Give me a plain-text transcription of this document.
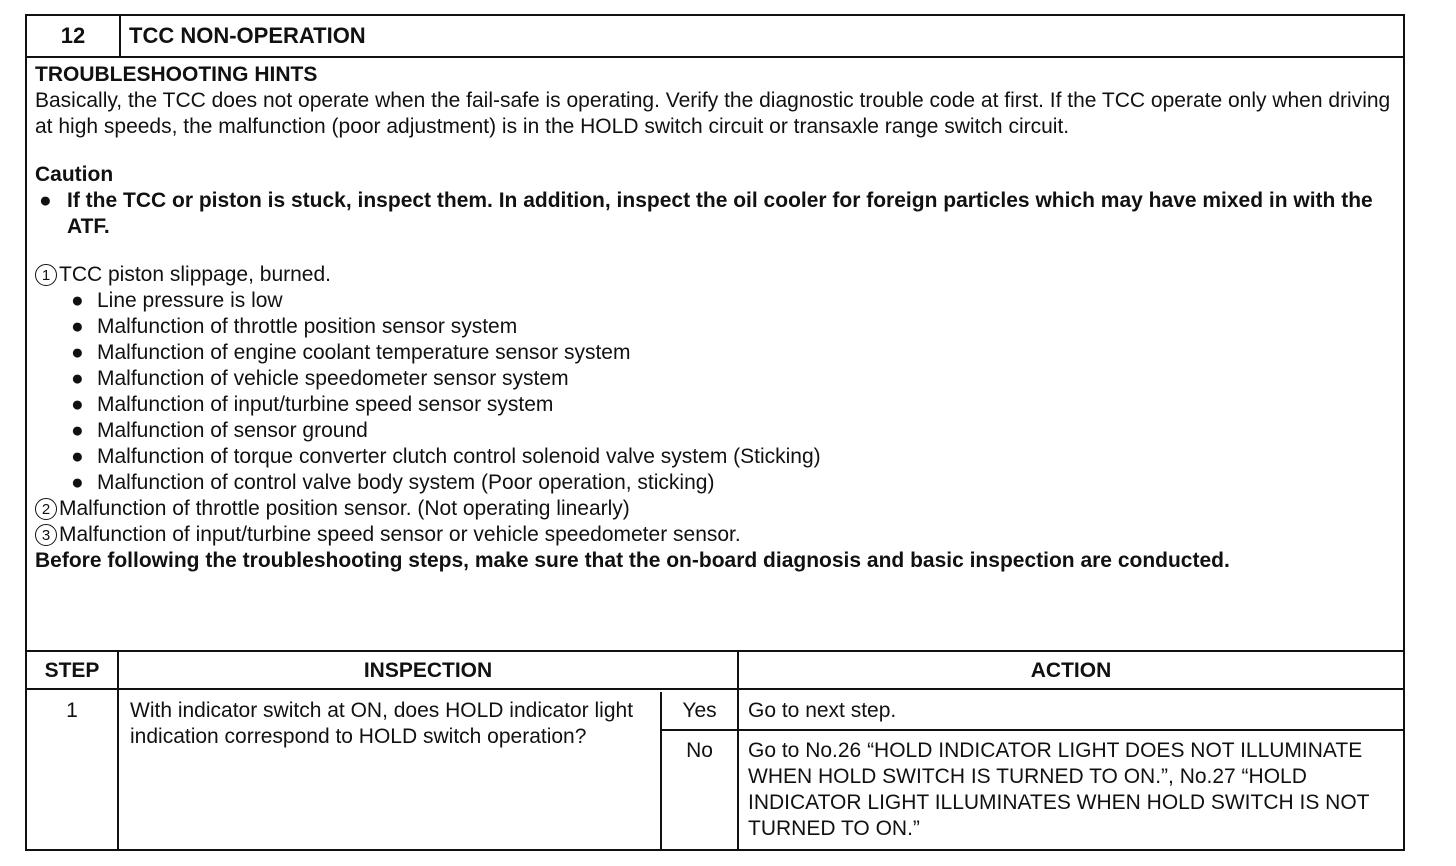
12	TCC NON-OPERATION

TROUBLESHOOTING HINTS

Basically, the TCC does not operate when the fail-safe is operating. Verify the diagnostic trouble code at first. If the TCC operate only when driving at high speeds, the malfunction (poor adjustment) is in the HOLD switch circuit or transaxle range switch circuit.

Caution

● If the TCC or piston is stuck, inspect them. In addition, inspect the oil cooler for foreign particles which may have mixed in with the ATF.

1 TCC piston slippage, burned.

● Line pressure is low

● Malfunction of throttle position sensor system

● Malfunction of engine coolant temperature sensor system

● Malfunction of vehicle speedometer sensor system

● Malfunction of input/turbine speed sensor system

● Malfunction of sensor ground

● Malfunction of torque converter clutch control solenoid valve system (Sticking)

● Malfunction of control valve body system (Poor operation, sticking)

2 Malfunction of throttle position sensor. (Not operating linearly)

3 Malfunction of input/turbine speed sensor or vehicle speedometer sensor.

Before following the troubleshooting steps, make sure that the on-board diagnosis and basic inspection are conducted.

STEP	INSPECTION	ACTION
1	With indicator switch at ON, does HOLD indicator light indication correspond to HOLD switch operation?
Yes	Go to next step.
No	Go to No.26 “HOLD INDICATOR LIGHT DOES NOT ILLUMINATE WHEN HOLD SWITCH IS TURNED TO ON.”, No.27 “HOLD INDICATOR LIGHT ILLUMINATES WHEN HOLD SWITCH IS NOT TURNED TO ON.”
